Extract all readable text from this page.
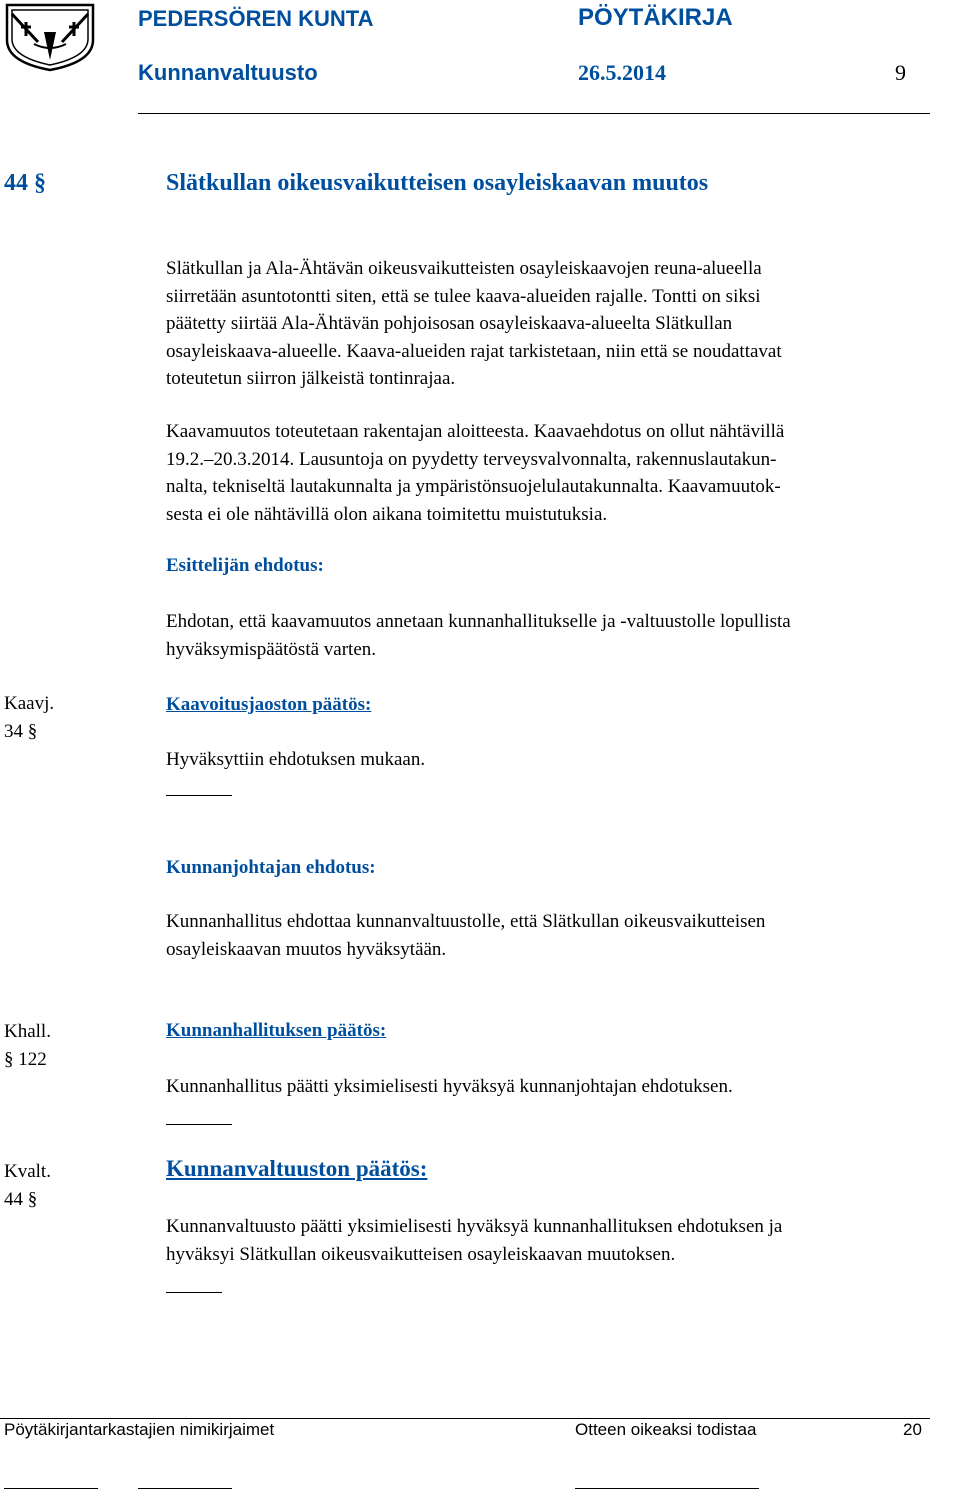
PEDERSÖREN KUNTA	PÖYTÄKIRJA
Kunnanvaltuusto	26.5.2014	9
44 §	Slätkullan oikeusvaikutteisen osayleiskaavan muutos
Slätkullan ja Ala-Ähtävän oikeusvaikutteisten osayleiskaavojen reuna-alueella
siirretään asuntotontti siten, että se tulee kaava-alueiden rajalle. Tontti on siksi
päätetty siirtää Ala-Ähtävän pohjoisosan osayleiskaava-alueelta Slätkullan
osayleiskaava-alueelle. Kaava-alueiden rajat tarkistetaan, niin että se noudattavat
toteutetun siirron jälkeistä tontinrajaa.
Kaavamuutos toteutetaan rakentajan aloitteesta. Kaavaehdotus on ollut nähtävillä
19.2.–20.3.2014. Lausuntoja on pyydetty terveysvalvonnalta, rakennuslautakun-
nalta, tekniseltä lautakunnalta ja ympäristönsuojelulautakunnalta. Kaavamuutok-
sesta ei ole nähtävillä olon aikana toimitettu muistutuksia.
Esittelijän ehdotus:
Ehdotan, että kaavamuutos annetaan kunnanhallitukselle ja -valtuustolle lopullista
hyväksymispäätöstä varten.
Kaavj.
34 §
Kaavoitusjaoston päätös:
Hyväksyttiin ehdotuksen mukaan.
Kunnanjohtajan ehdotus:
Kunnanhallitus ehdottaa kunnanvaltuustolle, että Slätkullan oikeusvaikutteisen
osayleiskaavan muutos hyväksytään.
Khall.
§ 122
Kunnanhallituksen päätös:
Kunnanhallitus päätti yksimielisesti hyväksyä kunnanjohtajan ehdotuksen.
Kvalt.
44 §
Kunnanvaltuuston päätös:
Kunnanvaltuusto päätti yksimielisesti hyväksyä kunnanhallituksen ehdotuksen ja
hyväksyi Slätkullan oikeusvaikutteisen osayleiskaavan muutoksen.
Pöytäkirjantarkastajien nimikirjaimet	Otteen oikeaksi todistaa	20
